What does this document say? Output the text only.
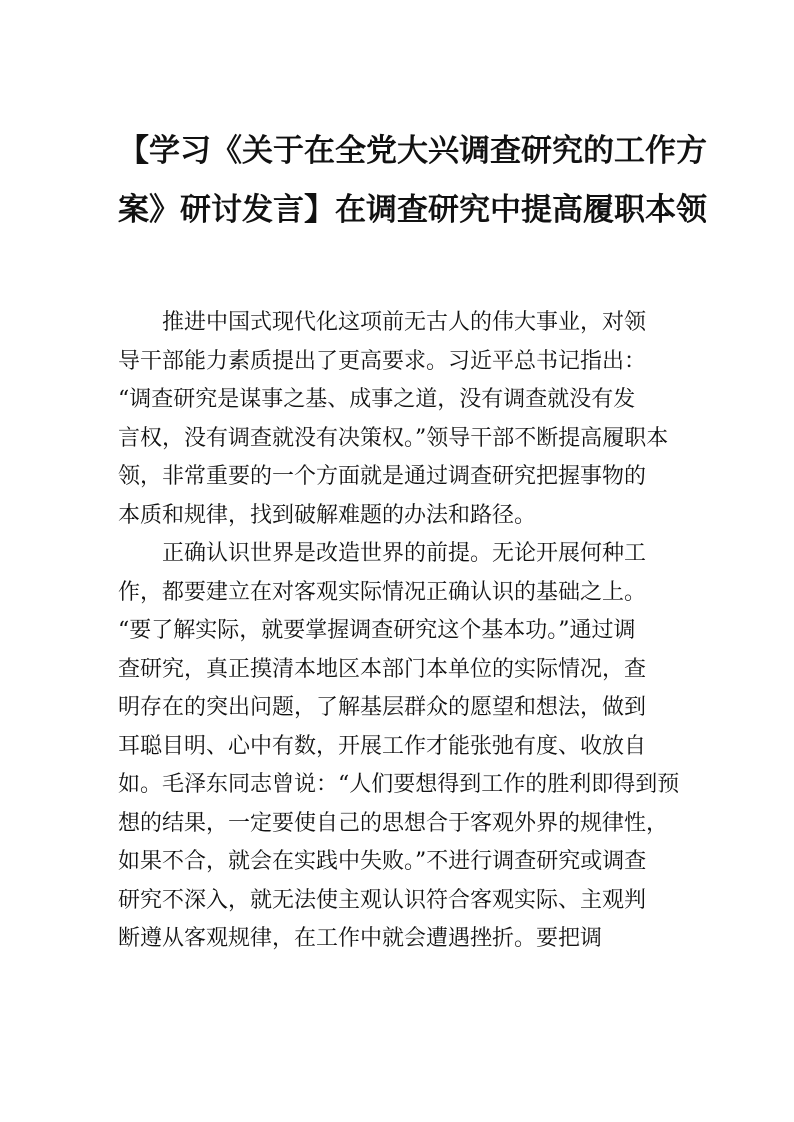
【学习《关于在全党大兴调查研究的工作方
案》研讨发言】在调查研究中提高履职本领

推进中国式现代化这项前无古人的伟大事业，对领
导干部能力素质提出了更高要求。习近平总书记指出：
“调查研究是谋事之基、成事之道，没有调查就没有发
言权，没有调查就没有决策权。”领导干部不断提高履职本
领，非常重要的一个方面就是通过调查研究把握事物的
本质和规律，找到破解难题的办法和路径。

正确认识世界是改造世界的前提。无论开展何种工
作，都要建立在对客观实际情况正确认识的基础之上。
“要了解实际，就要掌握调查研究这个基本功。”通过调
查研究，真正摸清本地区本部门本单位的实际情况，查
明存在的突出问题，了解基层群众的愿望和想法，做到
耳聪目明、心中有数，开展工作才能张弛有度、收放自
如。毛泽东同志曾说：“人们要想得到工作的胜利即得到预
想的结果，一定要使自己的思想合于客观外界的规律性，
如果不合，就会在实践中失败。”不进行调查研究或调查
研究不深入，就无法使主观认识符合客观实际、主观判
断遵从客观规律，在工作中就会遭遇挫折。要把调
